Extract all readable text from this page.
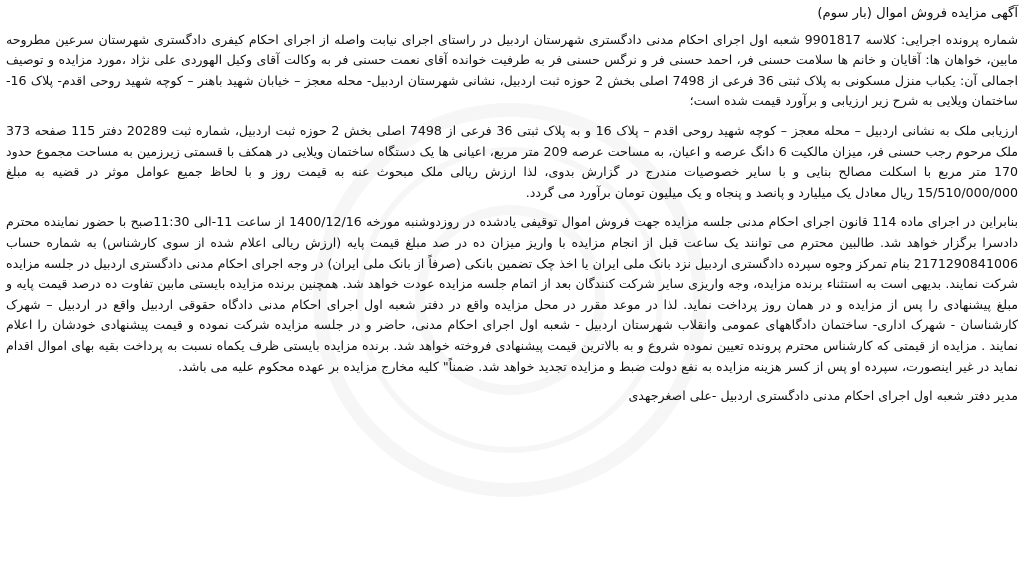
آگهی مزایده فروش اموال (بار سوم)

شماره پرونده اجرایی: کلاسه 9901817 شعبه اول اجرای احکام مدنی دادگستری شهرستان اردبیل در راستای اجرای نیابت واصله از اجرای احکام کیفری دادگستری شهرستان سرعین مطروحه مابین، خواهان ها: آقایان و خانم ها سلامت حسنی فر، احمد حسنی فر و نرگس حسنی فر به طرفیت خوانده آقای نعمت حسنی فر به وکالت آقای وکیل الهوردی علی نژاد ،مورد مزایده و توصیف اجمالی آن: یکباب منزل مسکونی به پلاک ثبتی 36 فرعی از 7498 اصلی بخش 2 حوزه ثبت اردبیل، نشانی شهرستان اردبیل- محله معجز – خیابان شهید باهنر – کوچه شهید روحی اقدم- پلاک 16- ساختمان ویلایی به شرح زیر ارزیابی و برآورد قیمت شده است؛

ارزیابی ملک به نشانی اردبیل – محله معجز – کوچه شهید روحی اقدم – پلاک 16 و به پلاک ثبتی 36 فرعی از 7498 اصلی بخش 2 حوزه ثبت اردبیل، شماره ثبت 20289 دفتر 115 صفحه 373 ملک مرحوم رجب حسنی فر، میزان مالکیت 6 دانگ عرصه و اعیان، به مساحت عرصه 209 متر مربع، اعیانی ها یک دستگاه ساختمان ویلایی در همکف با قسمتی زیرزمین به مساحت مجموع حدود 170 متر مربع با اسکلت مصالح بنایی و با سایر خصوصیات مندرج در گزارش بدوی، لذا ارزش ریالی ملک مبحوث عنه به قیمت روز و با لحاظ جمیع عوامل موثر در قضیه به مبلغ 15/510/000/000 ریال معادل یک میلیارد و پانصد و پنجاه و یک میلیون تومان برآورد می گردد.

بنابراین در اجرای ماده 114 قانون اجرای احکام مدنی جلسه مزایده جهت فروش اموال توقیفی یادشده در روزدوشنبه مورخه 1400/12/16 از ساعت 11-الی 11:30صبح با حضور نماینده محترم دادسرا برگزار خواهد شد. طالبین محترم می توانند یک ساعت قبل از انجام مزایده با واریز میزان ده در صد مبلغ قیمت پایه (ارزش ریالی اعلام شده از سوی کارشناس) به شماره حساب 2171290841006 بنام تمرکز وجوه سپرده دادگستری اردبیل نزد بانک ملی ایران یا اخذ چک تضمین بانکی (صرفاً از بانک ملی ایران) در وجه اجرای احکام مدنی دادگستری اردبیل در جلسه مزایده شرکت نمایند. بدیهی است به استثناء برنده مزایده، وجه واریزی سایر شرکت کنندگان بعد از اتمام جلسه مزایده عودت خواهد شد. همچنین برنده مزایده بایستی مابین تفاوت ده درصد قیمت پایه و مبلغ پیشنهادی را پس از مزایده و در همان روز پرداخت نماید. لذا در موعد مقرر در محل مزایده واقع در دفتر شعبه اول اجرای احکام مدنی دادگاه حقوقی اردبیل واقع در اردبیل – شهرک کارشناسان - شهرک اداری- ساختمان دادگاههای عمومی وانقلاب شهرستان اردبیل - شعبه اول اجرای احکام مدنی، حاضر و در جلسه مزایده شرکت نموده و قیمت پیشنهادی خودشان را اعلام نمایند . مزایده از قیمتی که کارشناس محترم پرونده تعیین نموده شروع و به بالاترین قیمت پیشنهادی فروخته خواهد شد. برنده مزایده بایستی ظرف یکماه نسبت به پرداخت بقیه بهای اموال اقدام نماید در غیر اینصورت، سپرده او پس از کسر هزینه مزایده به نفع دولت ضبط و مزایده تجدید خواهد شد. ضمناً" کلیه مخارج مزایده بر عهده محکوم علیه می باشد.

مدیر دفتر شعبه اول اجرای احکام مدنی دادگستری اردبیل -علی اصغرجهدی
